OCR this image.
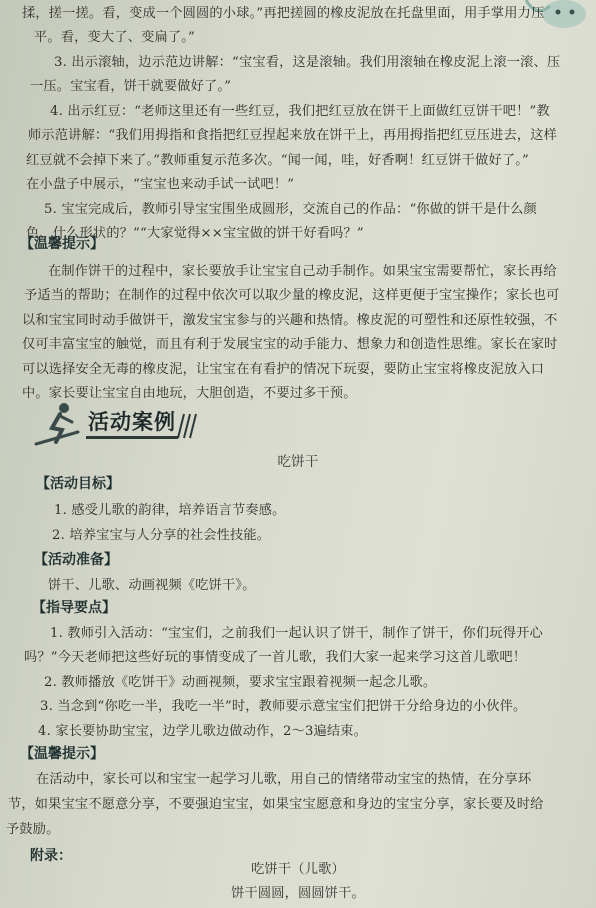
揉，搓一搓。看，变成一个圆圆的小球。”再把搓圆的橡皮泥放在托盘里面，用手掌用力压
平。看，变大了、变扁了。”
3. 出示滚轴，边示范边讲解：“宝宝看，这是滚轴。我们用滚轴在橡皮泥上滚一滚、压
一压。宝宝看，饼干就要做好了。”
4. 出示红豆：“老师这里还有一些红豆，我们把红豆放在饼干上面做红豆饼干吧！”教
师示范讲解：“我们用拇指和食指把红豆捏起来放在饼干上，再用拇指把红豆压进去，这样
红豆就不会掉下来了。”教师重复示范多次。“闻一闻，哇，好香啊！红豆饼干做好了。”
在小盘子中展示，“宝宝也来动手试一试吧！”
5. 宝宝完成后，教师引导宝宝围坐成圆形，交流自己的作品：“你做的饼干是什么颜
色、什么形状的？”“大家觉得××宝宝做的饼干好看吗？”
【温馨提示】
在制作饼干的过程中，家长要放手让宝宝自己动手制作。如果宝宝需要帮忙，家长再给
予适当的帮助；在制作的过程中依次可以取少量的橡皮泥，这样更便于宝宝操作；家长也可
以和宝宝同时动手做饼干，激发宝宝参与的兴趣和热情。橡皮泥的可塑性和还原性较强，不
仅可丰富宝宝的触觉，而且有利于发展宝宝的动手能力、想象力和创造性思维。家长在家时
可以选择安全无毒的橡皮泥，让宝宝在有看护的情况下玩耍，要防止宝宝将橡皮泥放入口
中。家长要让宝宝自由地玩，大胆创造，不要过多干预。
活动案例
吃饼干
【活动目标】
1. 感受儿歌的韵律，培养语言节奏感。
2. 培养宝宝与人分享的社会性技能。
【活动准备】
饼干、儿歌、动画视频《吃饼干》。
【指导要点】
1. 教师引入活动：“宝宝们，之前我们一起认识了饼干，制作了饼干，你们玩得开心
吗？”今天老师把这些好玩的事情变成了一首儿歌，我们大家一起来学习这首儿歌吧！
2. 教师播放《吃饼干》动画视频，要求宝宝跟着视频一起念儿歌。
3. 当念到“你吃一半，我吃一半”时，教师要示意宝宝们把饼干分给身边的小伙伴。
4. 家长要协助宝宝，边学儿歌边做动作，2～3遍结束。
【温馨提示】
在活动中，家长可以和宝宝一起学习儿歌，用自己的情绪带动宝宝的热情，在分享环
节，如果宝宝不愿意分享，不要强迫宝宝，如果宝宝愿意和身边的宝宝分享，家长要及时给
予鼓励。
附录：
吃饼干（儿歌）
饼干圆圆，圆圆饼干。
